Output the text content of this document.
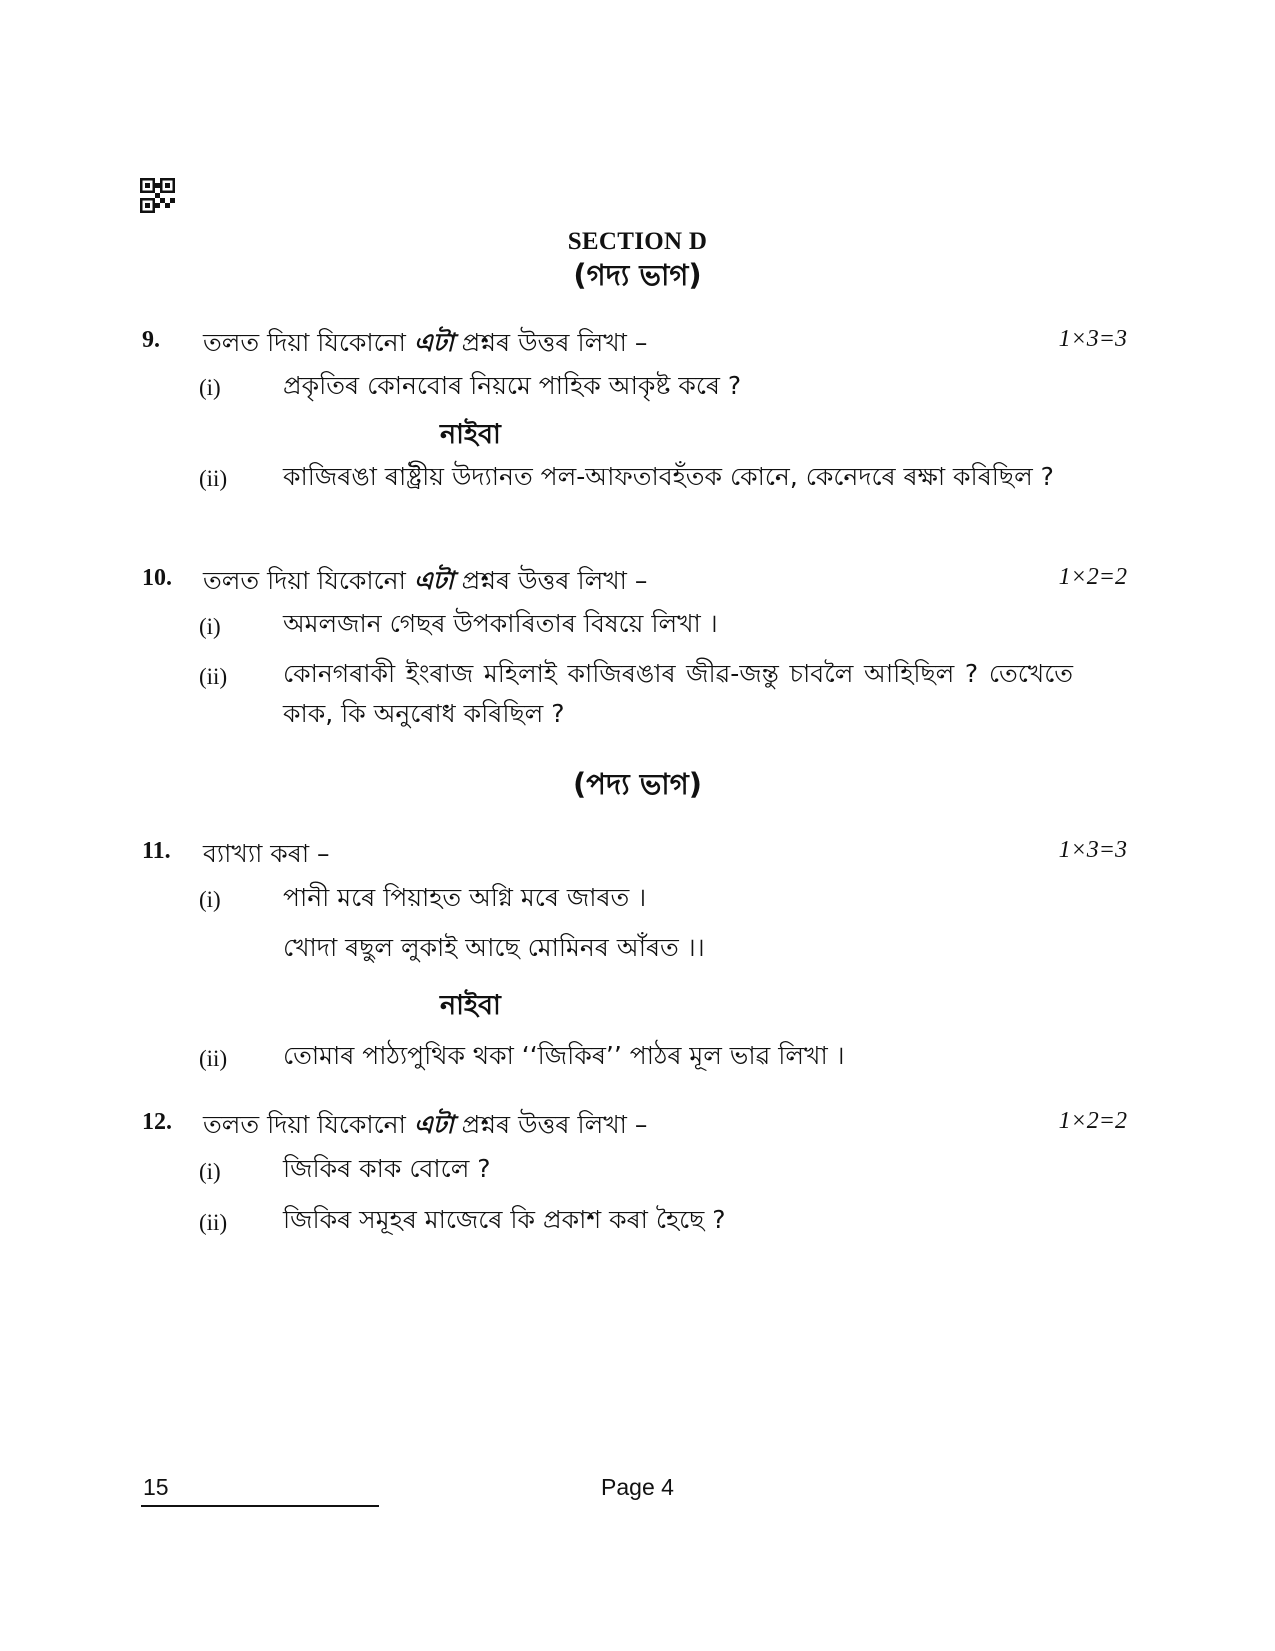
SECTION D
(গদ্য ভাগ)
9. তলত দিয়া যিকোনো এটা প্ৰশ্নৰ উত্তৰ লিখা –	1×3=3
(i) প্ৰকৃতিৰ কোনবোৰ নিয়মে পাহিক আকৃষ্ট কৰে ?
নাইবা
(ii) কাজিৰঙা ৰাষ্ট্ৰীয় উদ্যানত পল-আফতাবহঁতক কোনে, কেনেদৰে ৰক্ষা কৰিছিল ?
10. তলত দিয়া যিকোনো এটা প্ৰশ্নৰ উত্তৰ লিখা –	1×2=2
(i) অমলজান গেছৰ উপকাৰিতাৰ বিষয়ে লিখা ।
(ii) কোনগৰাকী ইংৰাজ মহিলাই কাজিৰঙাৰ জীৱ-জন্তু চাবলৈ আহিছিল ? তেখেতে কাক, কি অনুৰোধ কৰিছিল ?
(পদ্য ভাগ)
11. ব্যাখ্যা কৰা –	1×3=3
(i) পানী মৰে পিয়াহত অগ্নি মৰে জাৰত ।
খোদা ৰছুল লুকাই আছে মোমিনৰ আঁৰত ।।
নাইবা
(ii) তোমাৰ পাঠ্যপুথিক থকা ‘‘জিকিৰ’’ পাঠৰ মূল ভাৱ লিখা ।
12. তলত দিয়া যিকোনো এটা প্ৰশ্নৰ উত্তৰ লিখা –	1×2=2
(i) জিকিৰ কাক বোলে ?
(ii) জিকিৰ সমূহৰ মাজেৰে কি প্ৰকাশ কৰা হৈছে ?
15	Page 4
